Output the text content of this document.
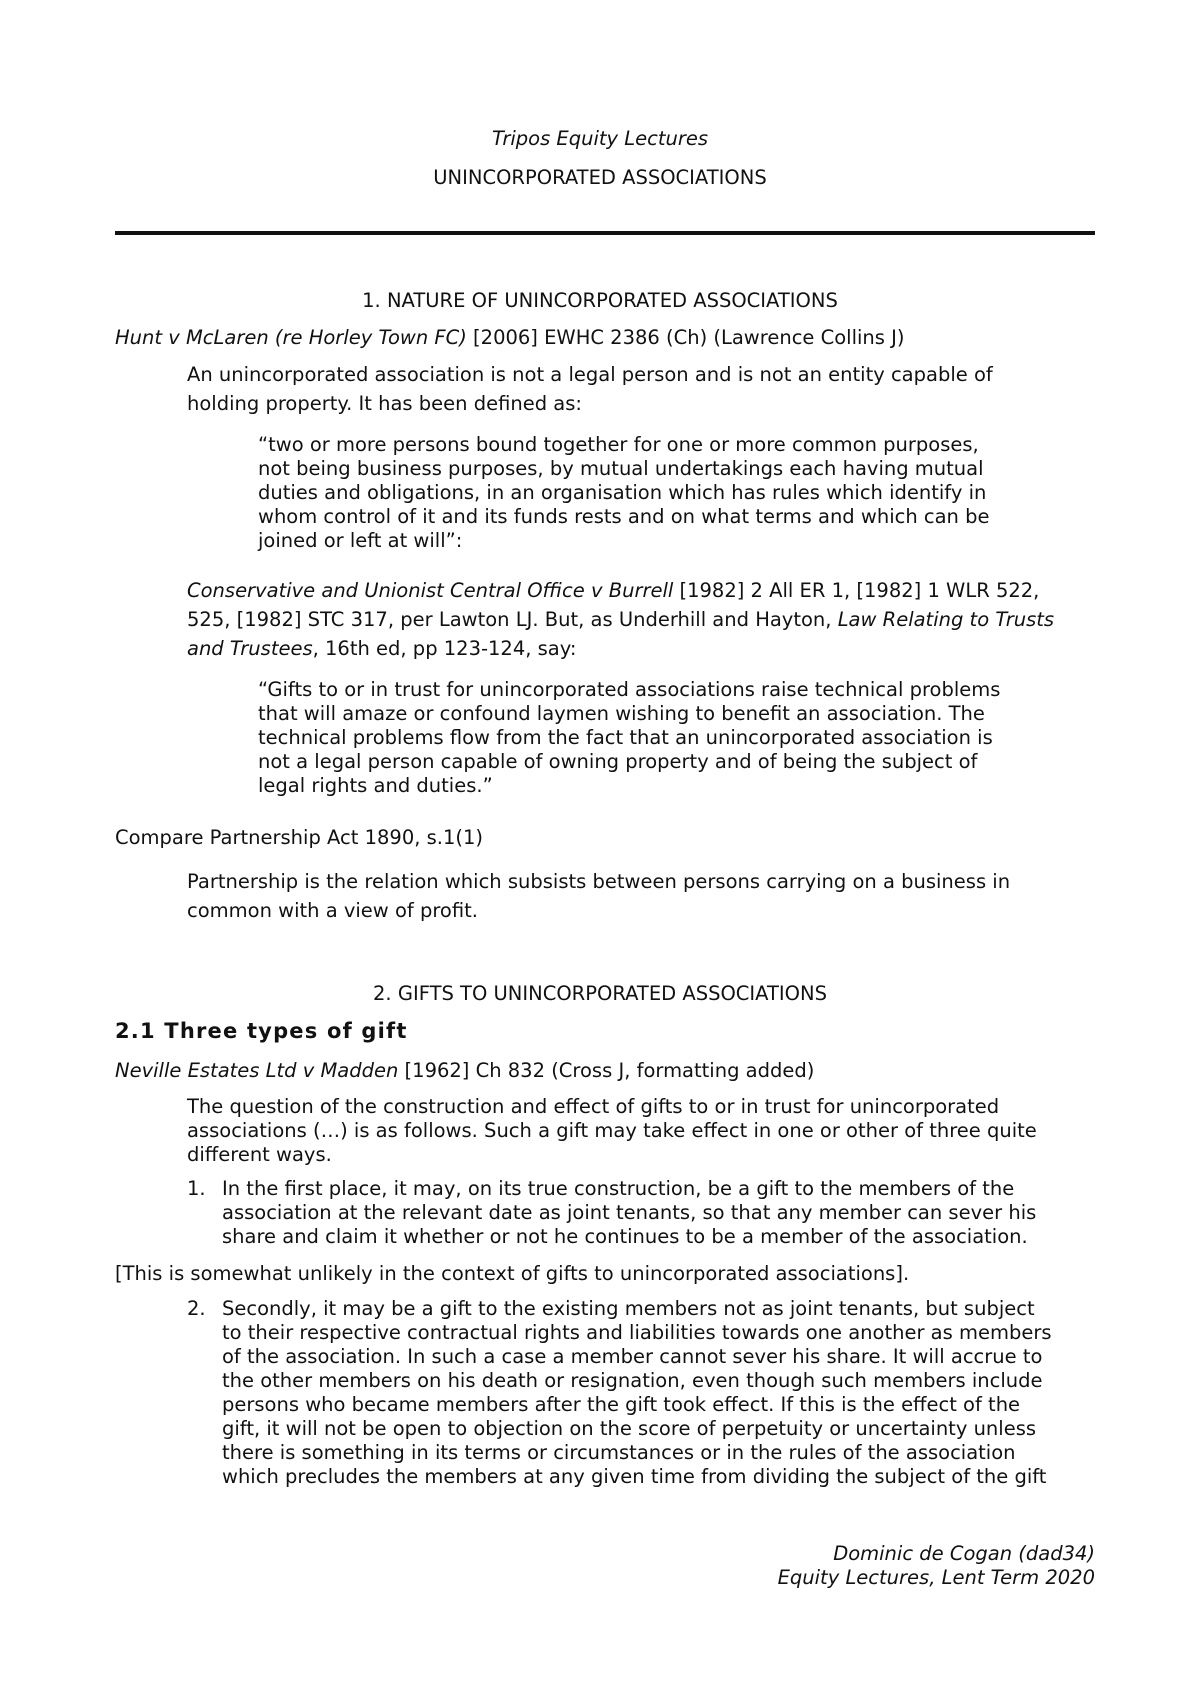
Tripos Equity Lectures
UNINCORPORATED ASSOCIATIONS
1. NATURE OF UNINCORPORATED ASSOCIATIONS
Hunt v McLaren (re Horley Town FC) [2006] EWHC 2386 (Ch) (Lawrence Collins J)
An unincorporated association is not a legal person and is not an entity capable of
holding property. It has been defined as:
“two or more persons bound together for one or more common purposes,
not being business purposes, by mutual undertakings each having mutual
duties and obligations, in an organisation which has rules which identify in
whom control of it and its funds rests and on what terms and which can be
joined or left at will”:
Conservative and Unionist Central Office v Burrell [1982] 2 All ER 1, [1982] 1 WLR 522,
525, [1982] STC 317, per Lawton LJ. But, as Underhill and Hayton, Law Relating to Trusts
and Trustees, 16th ed, pp 123-124, say:
“Gifts to or in trust for unincorporated associations raise technical problems
that will amaze or confound laymen wishing to benefit an association. The
technical problems flow from the fact that an unincorporated association is
not a legal person capable of owning property and of being the subject of
legal rights and duties.”
Compare Partnership Act 1890, s.1(1)
Partnership is the relation which subsists between persons carrying on a business in
common with a view of profit.
2. GIFTS TO UNINCORPORATED ASSOCIATIONS
2.1 Three types of gift
Neville Estates Ltd v Madden [1962] Ch 832 (Cross J, formatting added)
The question of the construction and effect of gifts to or in trust for unincorporated
associations (…) is as follows. Such a gift may take effect in one or other of three quite
different ways.
1. In the first place, it may, on its true construction, be a gift to the members of the
association at the relevant date as joint tenants, so that any member can sever his
share and claim it whether or not he continues to be a member of the association.
[This is somewhat unlikely in the context of gifts to unincorporated associations].
2. Secondly, it may be a gift to the existing members not as joint tenants, but subject
to their respective contractual rights and liabilities towards one another as members
of the association. In such a case a member cannot sever his share. It will accrue to
the other members on his death or resignation, even though such members include
persons who became members after the gift took effect. If this is the effect of the
gift, it will not be open to objection on the score of perpetuity or uncertainty unless
there is something in its terms or circumstances or in the rules of the association
which precludes the members at any given time from dividing the subject of the gift
Dominic de Cogan (dad34)
Equity Lectures, Lent Term 2020
